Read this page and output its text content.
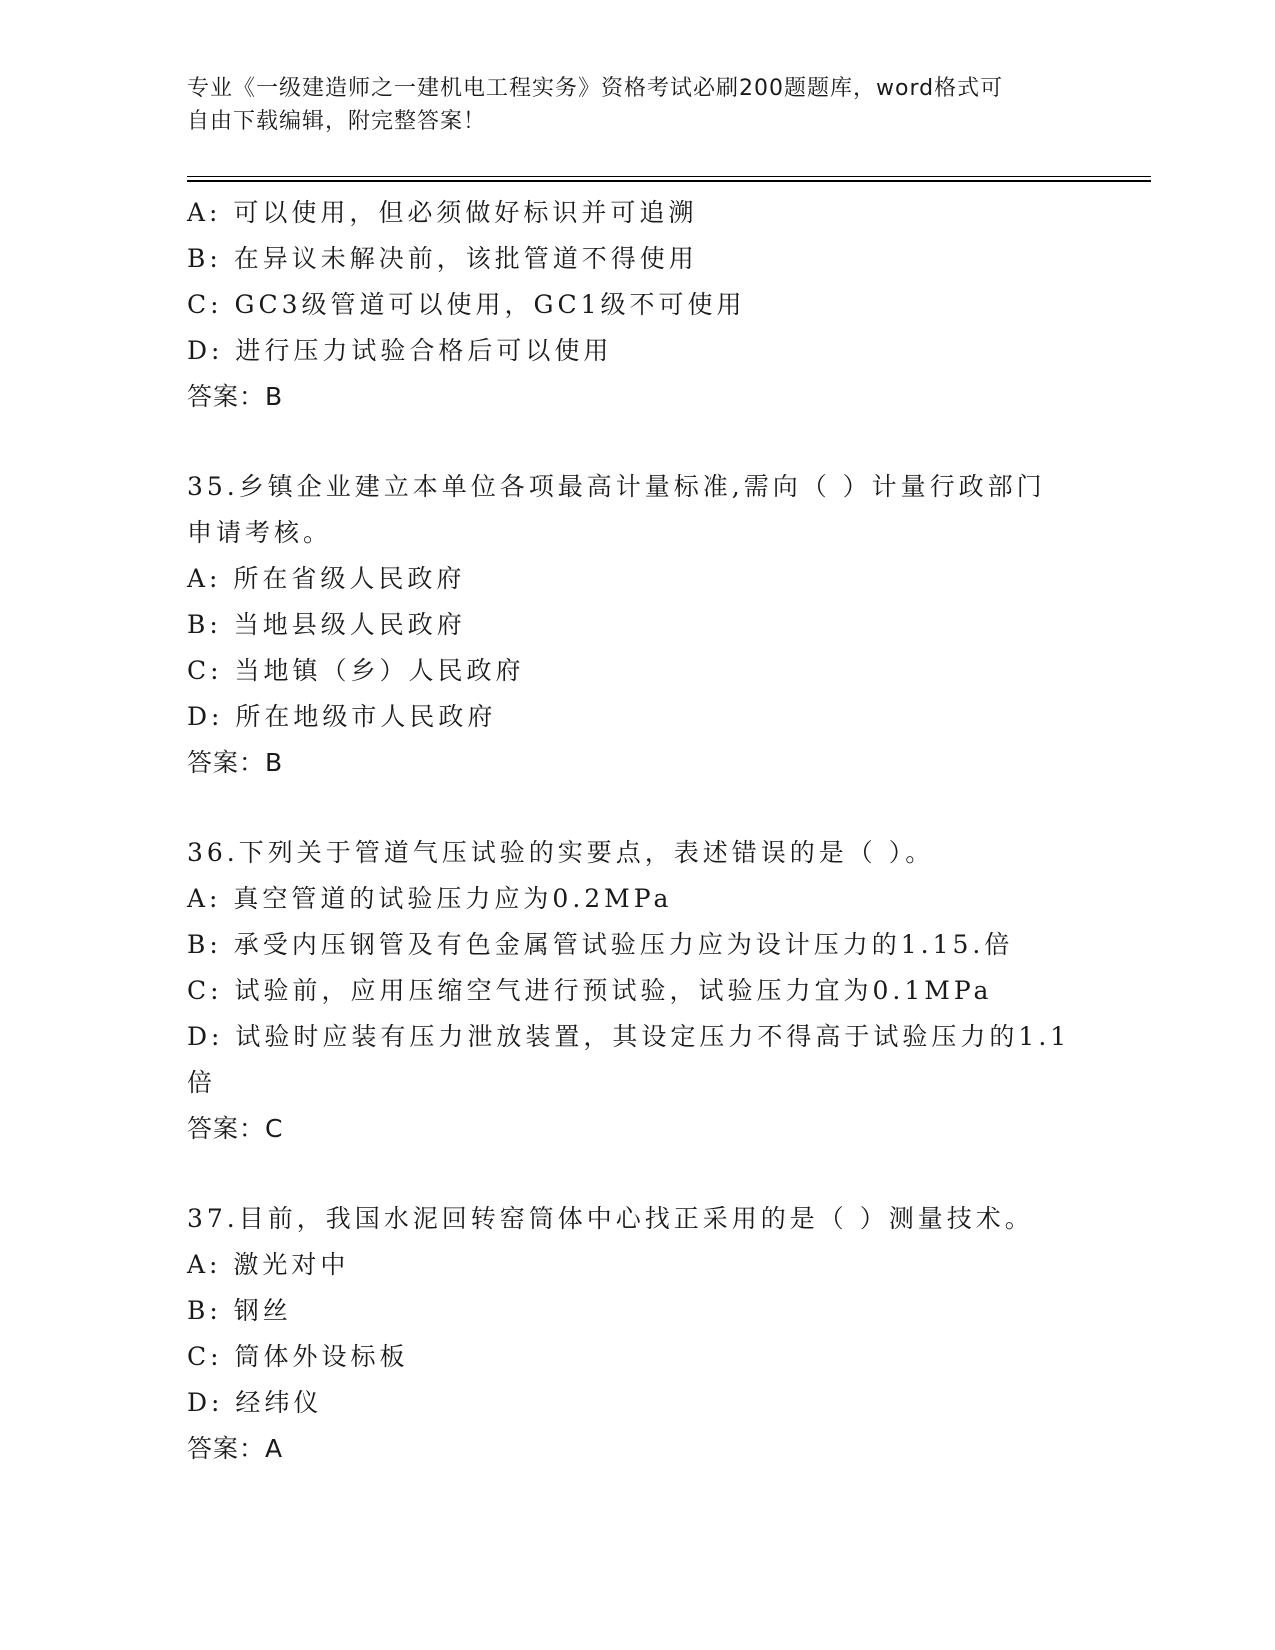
专业《一级建造师之一建机电工程实务》资格考试必刷200题题库，word格式可
自由下载编辑，附完整答案！
A: 可以使用，但必须做好标识并可追溯
B: 在异议未解决前，该批管道不得使用
C: GC3级管道可以使用，GC1级不可使用
D: 进行压力试验合格后可以使用
答案：B
35.乡镇企业建立本单位各项最高计量标准,需向（ ）计量行政部门
申请考核。
A: 所在省级人民政府
B: 当地县级人民政府
C: 当地镇（乡）人民政府
D: 所在地级市人民政府
答案：B
36.下列关于管道气压试验的实要点，表述错误的是（ ）。
A: 真空管道的试验压力应为0.2MPa
B: 承受内压钢管及有色金属管试验压力应为设计压力的1.15.倍
C: 试验前，应用压缩空气进行预试验，试验压力宜为0.1MPa
D: 试验时应装有压力泄放装置，其设定压力不得高于试验压力的1.1
倍
答案：C
37.目前，我国水泥回转窑筒体中心找正采用的是（ ）测量技术。
A: 激光对中
B: 钢丝
C: 筒体外设标板
D: 经纬仪
答案：A
